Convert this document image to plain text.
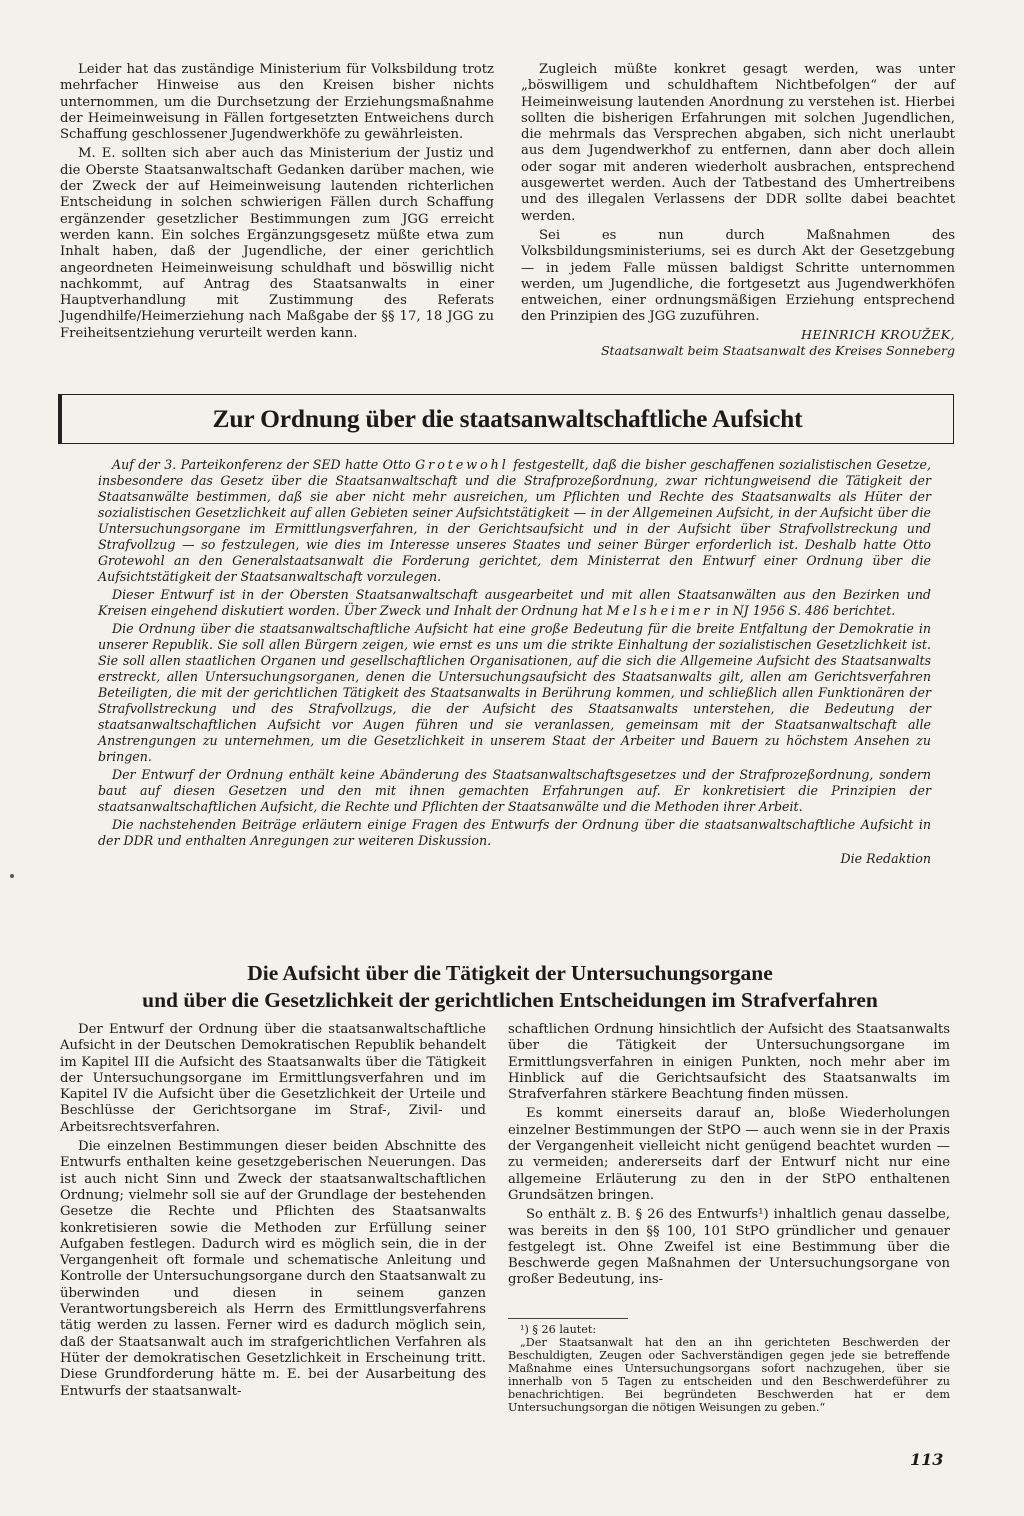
Leider hat das zuständige Ministerium für Volksbildung trotz mehrfacher Hinweise aus den Kreisen bisher nichts unternommen, um die Durchsetzung der Erziehungsmaßnahme der Heimeinweisung in Fällen fortgesetzten Entweichens durch Schaffung geschlossener Jugendwerkhöfe zu gewährleisten.

M. E. sollten sich aber auch das Ministerium der Justiz und die Oberste Staatsanwaltschaft Gedanken darüber machen, wie der Zweck der auf Heimeinweisung lautenden richterlichen Entscheidung in solchen schwierigen Fällen durch Schaffung ergänzender gesetzlicher Bestimmungen zum JGG erreicht werden kann. Ein solches Ergänzungsgesetz müßte etwa zum Inhalt haben, daß der Jugendliche, der einer gerichtlich angeordneten Heimeinweisung schuldhaft und böswillig nicht nachkommt, auf Antrag des Staatsanwalts in einer Hauptverhandlung mit Zustimmung des Referats Jugendhilfe/Heimerziehung nach Maßgabe der §§ 17, 18 JGG zu Freiheitsentziehung verurteilt werden kann.

Zugleich müßte konkret gesagt werden, was unter „böswilligem und schuldhaftem Nichtbefolgen“ der auf Heimeinweisung lautenden Anordnung zu verstehen ist. Hierbei sollten die bisherigen Erfahrungen mit solchen Jugendlichen, die mehrmals das Versprechen abgaben, sich nicht unerlaubt aus dem Jugendwerkhof zu entfernen, dann aber doch allein oder sogar mit anderen wiederholt ausbrachen, entsprechend ausgewertet werden. Auch der Tatbestand des Umhertreibens und des illegalen Verlassens der DDR sollte dabei beachtet werden.

Sei es nun durch Maßnahmen des Volksbildungsministeriums, sei es durch Akt der Gesetzgebung — in jedem Falle müssen baldigst Schritte unternommen werden, um Jugendliche, die fortgesetzt aus Jugendwerkhöfen entweichen, einer ordnungsmäßigen Erziehung entsprechend den Prinzipien des JGG zuzuführen.

HEINRICH KROUŽEK,
Staatsanwalt beim Staatsanwalt des Kreises Sonneberg
Zur Ordnung über die staatsanwaltschaftliche Aufsicht

Auf der 3. Parteikonferenz der SED hatte Otto Grotewohl festgestellt, daß die bisher geschaffenen sozialistischen Gesetze, insbesondere das Gesetz über die Staatsanwaltschaft und die Strafprozeßordnung, zwar richtungweisend die Tätigkeit der Staatsanwälte bestimmen, daß sie aber nicht mehr ausreichen, um Pflichten und Rechte des Staatsanwalts als Hüter der sozialistischen Gesetzlichkeit auf allen Gebieten seiner Aufsichtstätigkeit — in der Allgemeinen Aufsicht, in der Aufsicht über die Untersuchungsorgane im Ermittlungsverfahren, in der Gerichtsaufsicht und in der Aufsicht über Strafvollstreckung und Strafvollzug — so festzulegen, wie dies im Interesse unseres Staates und seiner Bürger erforderlich ist. Deshalb hatte Otto Grotewohl an den Generalstaatsanwalt die Forderung gerichtet, dem Ministerrat den Entwurf einer Ordnung über die Aufsichtstätigkeit der Staatsanwaltschaft vorzulegen.

Dieser Entwurf ist in der Obersten Staatsanwaltschaft ausgearbeitet und mit allen Staatsanwälten aus den Bezirken und Kreisen eingehend diskutiert worden. Über Zweck und Inhalt der Ordnung hat Melsheimer in NJ 1956 S. 486 berichtet.

Die Ordnung über die staatsanwaltschaftliche Aufsicht hat eine große Bedeutung für die breite Entfaltung der Demokratie in unserer Republik. Sie soll allen Bürgern zeigen, wie ernst es uns um die strikte Einhaltung der sozialistischen Gesetzlichkeit ist. Sie soll allen staatlichen Organen und gesellschaftlichen Organisationen, auf die sich die Allgemeine Aufsicht des Staatsanwalts erstreckt, allen Untersuchungsorganen, denen die Untersuchungsaufsicht des Staatsanwalts gilt, allen am Gerichtsverfahren Beteiligten, die mit der gerichtlichen Tätigkeit des Staatsanwalts in Berührung kommen, und schließlich allen Funktionären der Strafvollstreckung und des Strafvollzugs, die der Aufsicht des Staatsanwalts unterstehen, die Bedeutung der staatsanwaltschaftlichen Aufsicht vor Augen führen und sie veranlassen, gemeinsam mit der Staatsanwaltschaft alle Anstrengungen zu unternehmen, um die Gesetzlichkeit in unserem Staat der Arbeiter und Bauern zu höchstem Ansehen zu bringen.

Der Entwurf der Ordnung enthält keine Abänderung des Staatsanwaltschaftsgesetzes und der Strafprozeßordnung, sondern baut auf diesen Gesetzen und den mit ihnen gemachten Erfahrungen auf. Er konkretisiert die Prinzipien der staatsanwaltschaftlichen Aufsicht, die Rechte und Pflichten der Staatsanwälte und die Methoden ihrer Arbeit.

Die nachstehenden Beiträge erläutern einige Fragen des Entwurfs der Ordnung über die staatsanwaltschaftliche Aufsicht in der DDR und enthalten Anregungen zur weiteren Diskussion.

Die Redaktion
Die Aufsicht über die Tätigkeit der Untersuchungsorgane
und über die Gesetzlichkeit der gerichtlichen Entscheidungen im Strafverfahren

Der Entwurf der Ordnung über die staatsanwaltschaftliche Aufsicht in der Deutschen Demokratischen Republik behandelt im Kapitel III die Aufsicht des Staatsanwalts über die Tätigkeit der Untersuchungsorgane im Ermittlungsverfahren und im Kapitel IV die Aufsicht über die Gesetzlichkeit der Urteile und Beschlüsse der Gerichtsorgane im Straf-, Zivil- und Arbeitsrechtsverfahren.

Die einzelnen Bestimmungen dieser beiden Abschnitte des Entwurfs enthalten keine gesetzgeberischen Neuerungen. Das ist auch nicht Sinn und Zweck der staatsanwaltschaftlichen Ordnung; vielmehr soll sie auf der Grundlage der bestehenden Gesetze die Rechte und Pflichten des Staatsanwalts konkretisieren sowie die Methoden zur Erfüllung seiner Aufgaben festlegen. Dadurch wird es möglich sein, die in der Vergangenheit oft formale und schematische Anleitung und Kontrolle der Untersuchungsorgane durch den Staatsanwalt zu überwinden und diesen in seinem ganzen Verantwortungsbereich als Herrn des Ermittlungsverfahrens tätig werden zu lassen. Ferner wird es dadurch möglich sein, daß der Staatsanwalt auch im strafgerichtlichen Verfahren als Hüter der demokratischen Gesetzlichkeit in Erscheinung tritt. Diese Grundforderung hätte m. E. bei der Ausarbeitung des Entwurfs der staatsanwalt-

schaftlichen Ordnung hinsichtlich der Aufsicht des Staatsanwalts über die Tätigkeit der Untersuchungsorgane im Ermittlungsverfahren in einigen Punkten, noch mehr aber im Hinblick auf die Gerichtsaufsicht des Staatsanwalts im Strafverfahren stärkere Beachtung finden müssen.

Es kommt einerseits darauf an, bloße Wiederholungen einzelner Bestimmungen der StPO — auch wenn sie in der Praxis der Vergangenheit vielleicht nicht genügend beachtet wurden — zu vermeiden; andererseits darf der Entwurf nicht nur eine allgemeine Erläuterung zu den in der StPO enthaltenen Grundsätzen bringen.

So enthält z. B. § 26 des Entwurfs¹) inhaltlich genau dasselbe, was bereits in den §§ 100, 101 StPO gründlicher und genauer festgelegt ist. Ohne Zweifel ist eine Bestimmung über die Beschwerde gegen Maßnahmen der Untersuchungsorgane von großer Bedeutung, ins-

¹) § 26 lautet:

„Der Staatsanwalt hat den an ihn gerichteten Beschwerden der Beschuldigten, Zeugen oder Sachverständigen gegen jede sie betreffende Maßnahme eines Untersuchungsorgans sofort nachzugehen, über sie innerhalb von 5 Tagen zu entscheiden und den Beschwerdeführer zu benachrichtigen. Bei begründeten Beschwerden hat er dem Untersuchungsorgan die nötigen Weisungen zu geben.“

113
